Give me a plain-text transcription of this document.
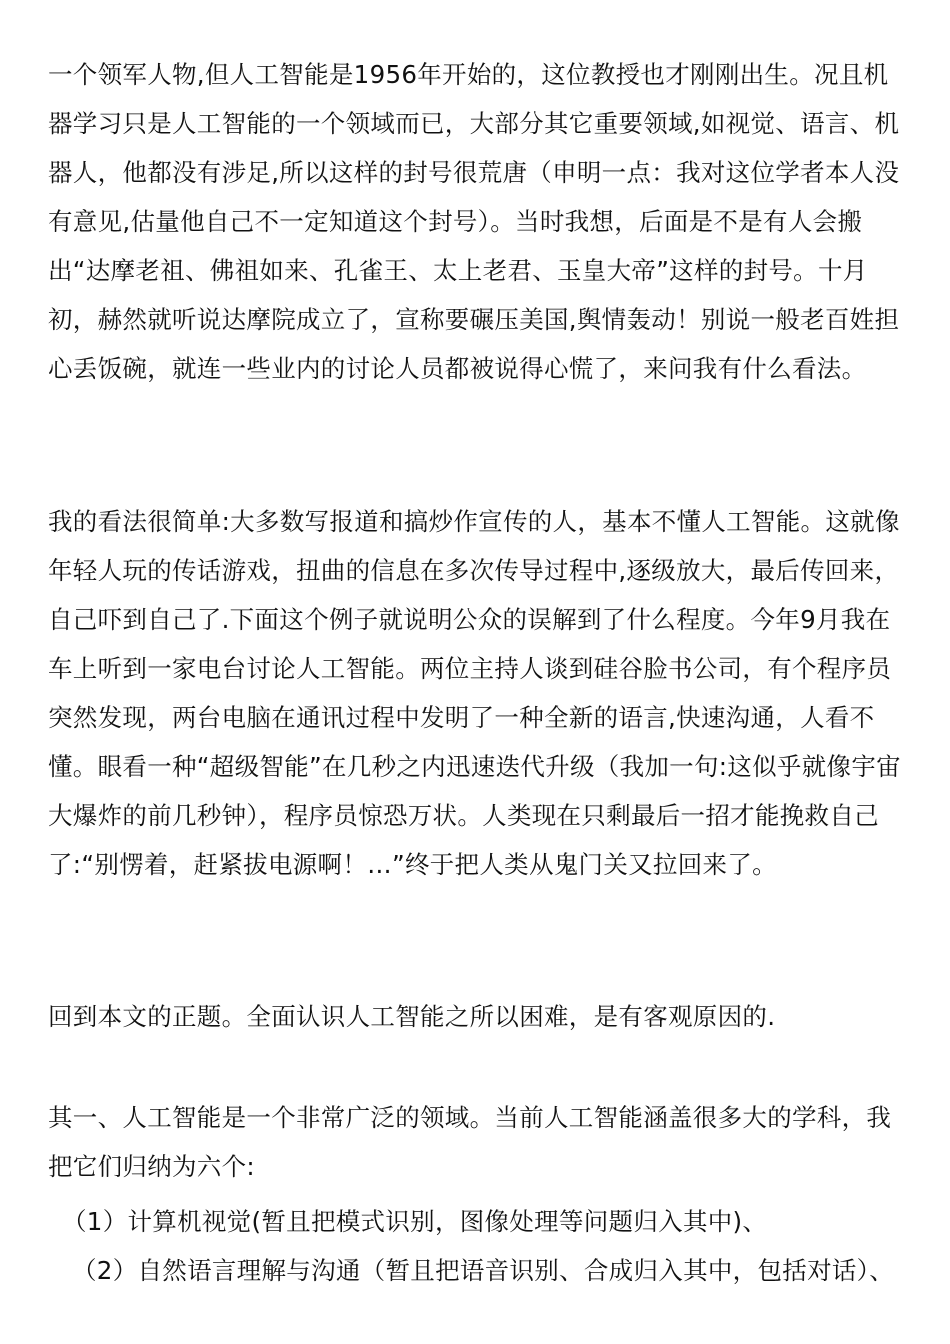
一个领军人物,但人工智能是1956年开始的，这位教授也才刚刚出生。况且机器学习只是人工智能的一个领域而已，大部分其它重要领域,如视觉、语言、机器人，他都没有涉足,所以这样的封号很荒唐（申明一点：我对这位学者本人没有意见,估量他自己不一定知道这个封号）。当时我想，后面是不是有人会搬出“达摩老祖、佛祖如来、孔雀王、太上老君、玉皇大帝”这样的封号。十月初，赫然就听说达摩院成立了，宣称要碾压美国,舆情轰动！别说一般老百姓担心丢饭碗，就连一些业内的讨论人员都被说得心慌了，来问我有什么看法。

我的看法很简单:大多数写报道和搞炒作宣传的人，基本不懂人工智能。这就像年轻人玩的传话游戏，扭曲的信息在多次传导过程中,逐级放大，最后传回来，自己吓到自己了.下面这个例子就说明公众的误解到了什么程度。今年9月我在车上听到一家电台讨论人工智能。两位主持人谈到硅谷脸书公司，有个程序员突然发现，两台电脑在通讯过程中发明了一种全新的语言,快速沟通，人看不懂。眼看一种“超级智能”在几秒之内迅速迭代升级（我加一句:这似乎就像宇宙大爆炸的前几秒钟），程序员惊恐万状。人类现在只剩最后一招才能挽救自己了:“别愣着，赶紧拔电源啊！…”终于把人类从鬼门关又拉回来了。

回到本文的正题。全面认识人工智能之所以困难，是有客观原因的.

其一、人工智能是一个非常广泛的领域。当前人工智能涵盖很多大的学科，我把它们归纳为六个:

（1）计算机视觉(暂且把模式识别，图像处理等问题归入其中)、
（2）自然语言理解与沟通（暂且把语音识别、合成归入其中，包括对话）、
